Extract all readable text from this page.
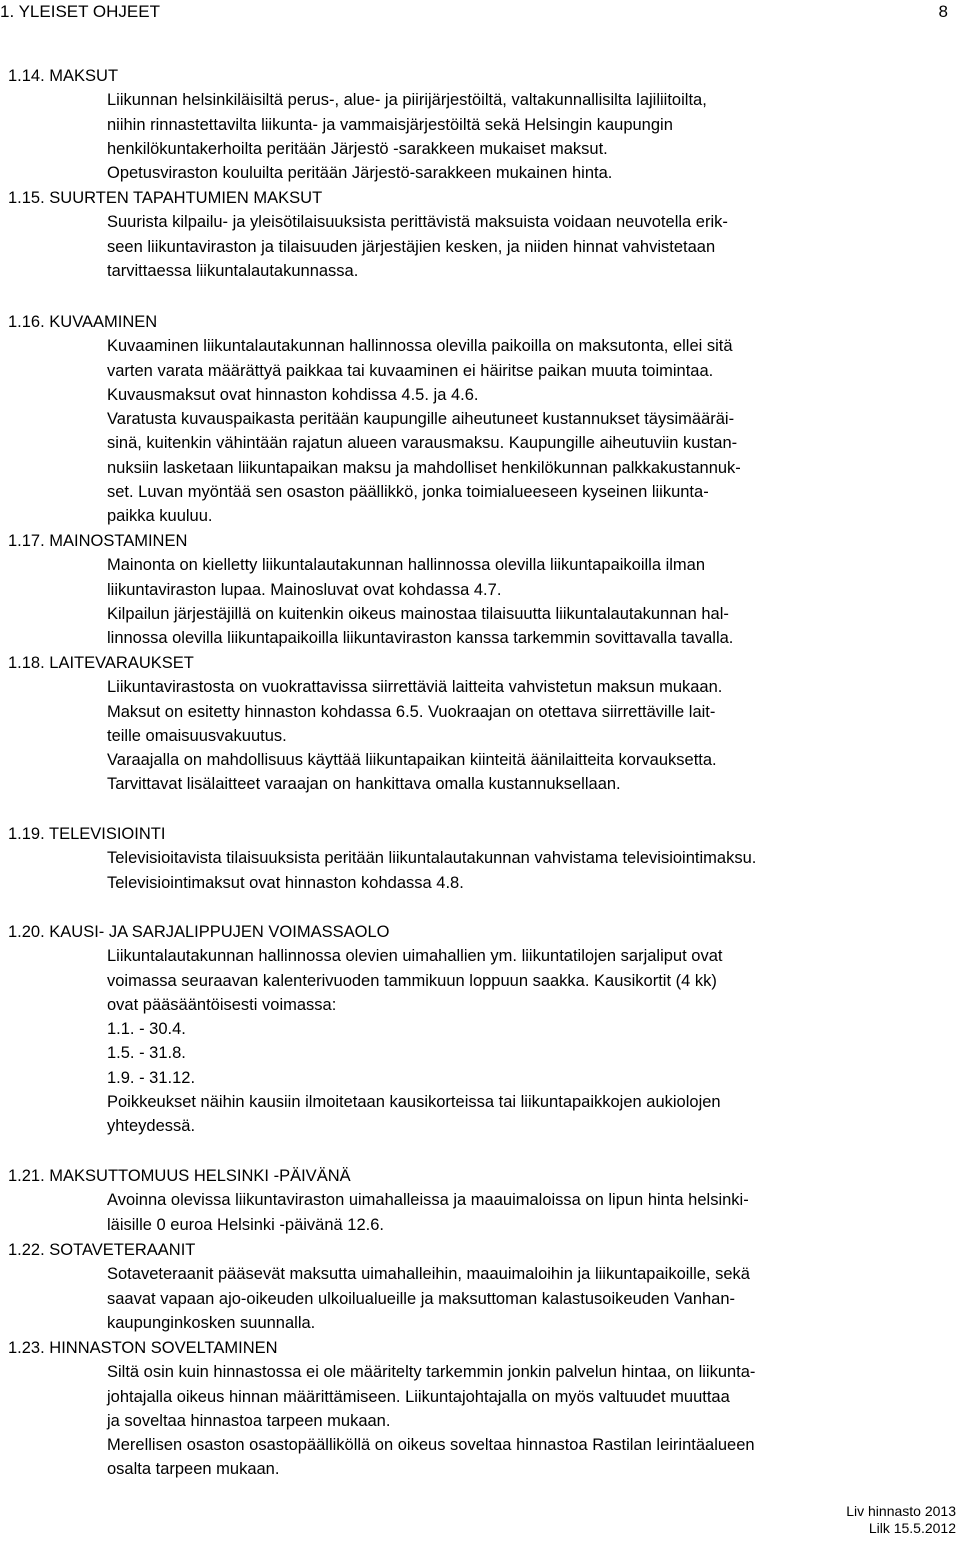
1. YLEISET OHJEET	8
1.14. MAKSUT
Liikunnan helsinkiläisiltä perus-, alue- ja piirijärjestöiltä, valtakunnallisilta lajiliitoilta,
niihin rinnastettavilta liikunta- ja vammaisjärjestöiltä sekä Helsingin kaupungin
henkilökuntakerhoilta peritään Järjestö -sarakkeen mukaiset maksut.
Opetusviraston kouluilta peritään Järjestö-sarakkeen mukainen hinta.
1.15. SUURTEN TAPAHTUMIEN MAKSUT
Suurista kilpailu- ja yleisötilaisuuksista perittävistä maksuista voidaan neuvotella erik-
seen liikuntaviraston ja tilaisuuden järjestäjien kesken, ja niiden hinnat vahvistetaan
tarvittaessa liikuntalautakunnassa.
1.16. KUVAAMINEN
Kuvaaminen liikuntalautakunnan hallinnossa olevilla paikoilla on maksutonta, ellei sitä
varten varata määrättyä paikkaa tai kuvaaminen ei häiritse paikan muuta toimintaa.
Kuvausmaksut ovat hinnaston kohdissa 4.5. ja 4.6.
Varatusta kuvauspaikasta peritään kaupungille aiheutuneet kustannukset täysimääräi-
sinä, kuitenkin vähintään rajatun alueen varausmaksu. Kaupungille aiheutuviin kustan-
nuksiin lasketaan liikuntapaikan maksu ja mahdolliset henkilökunnan palkkakustannuk-
set. Luvan myöntää sen osaston päällikkö, jonka toimialueeseen kyseinen liikunta-
paikka kuuluu.
1.17. MAINOSTAMINEN
Mainonta on kielletty liikuntalautakunnan hallinnossa olevilla liikuntapaikoilla ilman
liikuntaviraston lupaa. Mainosluvat ovat kohdassa 4.7.
Kilpailun järjestäjillä on kuitenkin oikeus mainostaa tilaisuutta liikuntalautakunnan hal-
linnossa olevilla liikuntapaikoilla liikuntaviraston kanssa tarkemmin sovittavalla tavalla.
1.18. LAITEVARAUKSET
Liikuntavirastosta on vuokrattavissa siirrettäviä laitteita vahvistetun maksun mukaan.
Maksut on esitetty hinnaston kohdassa 6.5. Vuokraajan on otettava siirrettäville lait-
teille omaisuusvakuutus.
Varaajalla on mahdollisuus käyttää liikuntapaikan kiinteitä äänilaitteita korvauksetta.
Tarvittavat lisälaitteet varaajan on hankittava omalla kustannuksellaan.
1.19. TELEVISIOINTI
Televisioitavista tilaisuuksista peritään liikuntalautakunnan vahvistama televisiointimaksu.
Televisiointimaksut ovat hinnaston kohdassa 4.8.
1.20. KAUSI- JA SARJALIPPUJEN VOIMASSAOLO
Liikuntalautakunnan hallinnossa olevien uimahallien ym. liikuntatilojen sarjaliput ovat
voimassa seuraavan kalenterivuoden tammikuun loppuun saakka. Kausikortit (4 kk)
ovat pääsääntöisesti voimassa:
1.1. - 30.4.
1.5. - 31.8.
1.9. - 31.12.
Poikkeukset näihin kausiin ilmoitetaan kausikorteissa tai liikuntapaikkojen aukiolojen
yhteydessä.
1.21. MAKSUTTOMUUS HELSINKI -PÄIVÄNÄ
Avoinna olevissa liikuntaviraston uimahalleissa ja maauimaloissa on lipun hinta helsinki-
läisille 0 euroa Helsinki -päivänä 12.6.
1.22. SOTAVETERAANIT
Sotaveteraanit pääsevät maksutta uimahalleihin, maauimaloihin ja liikuntapaikoille, sekä
saavat vapaan ajo-oikeuden ulkoilualueille ja maksuttoman kalastusoikeuden Vanhan-
kaupunginkosken suunnalla.
1.23. HINNASTON SOVELTAMINEN
Siltä osin kuin hinnastossa ei ole määritelty tarkemmin jonkin palvelun hintaa, on liikunta-
johtajalla oikeus hinnan määrittämiseen. Liikuntajohtajalla on myös valtuudet muuttaa
ja soveltaa hinnastoa tarpeen mukaan.
Merellisen osaston osastopäälliköllä on oikeus soveltaa hinnastoa Rastilan leirintäalueen
osalta tarpeen mukaan.
Liv hinnasto 2013
Lilk 15.5.2012
